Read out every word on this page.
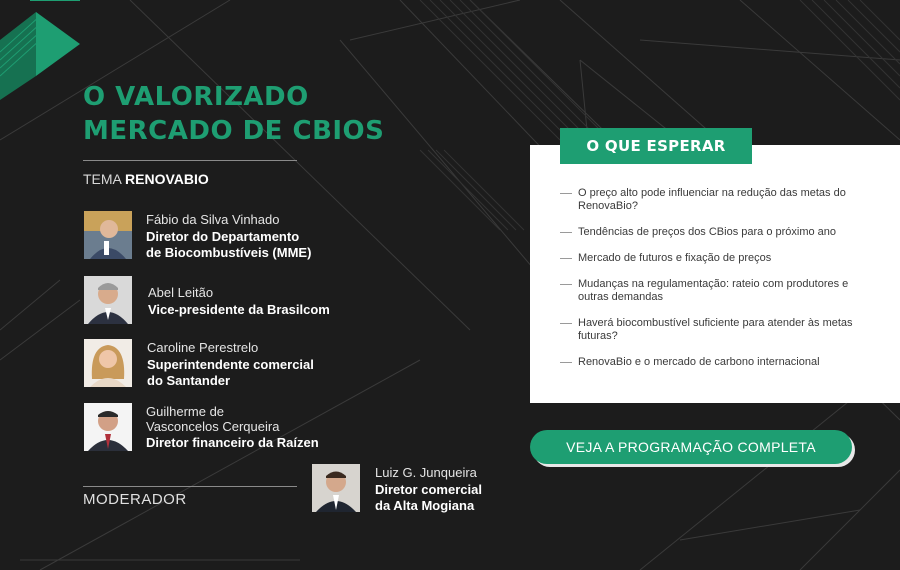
O VALORIZADO
MERCADO DE CBIOS
TEMA RENOVABIO
Fábio da Silva Vinhado
Diretor do Departamento
de Biocombustíveis (MME)
Abel Leitão
Vice-presidente da Brasilcom
Caroline Perestrelo
Superintendente comercial
do Santander
Guilherme de
Vasconcelos Cerqueira
Diretor financeiro da Raízen
MODERADOR
Luiz G. Junqueira
Diretor comercial
da Alta Mogiana
O preço alto pode influenciar na redução das metas do RenovaBio?
Tendências de preços dos CBios para o próximo ano
Mercado de futuros e fixação de preços
Mudanças na regulamentação: rateio com produtores e outras demandas
Haverá biocombustível suficiente para atender às metas futuras?
RenovaBio e o mercado de carbono internacional
O QUE ESPERAR
VEJA A PROGRAMAÇÃO COMPLETA
